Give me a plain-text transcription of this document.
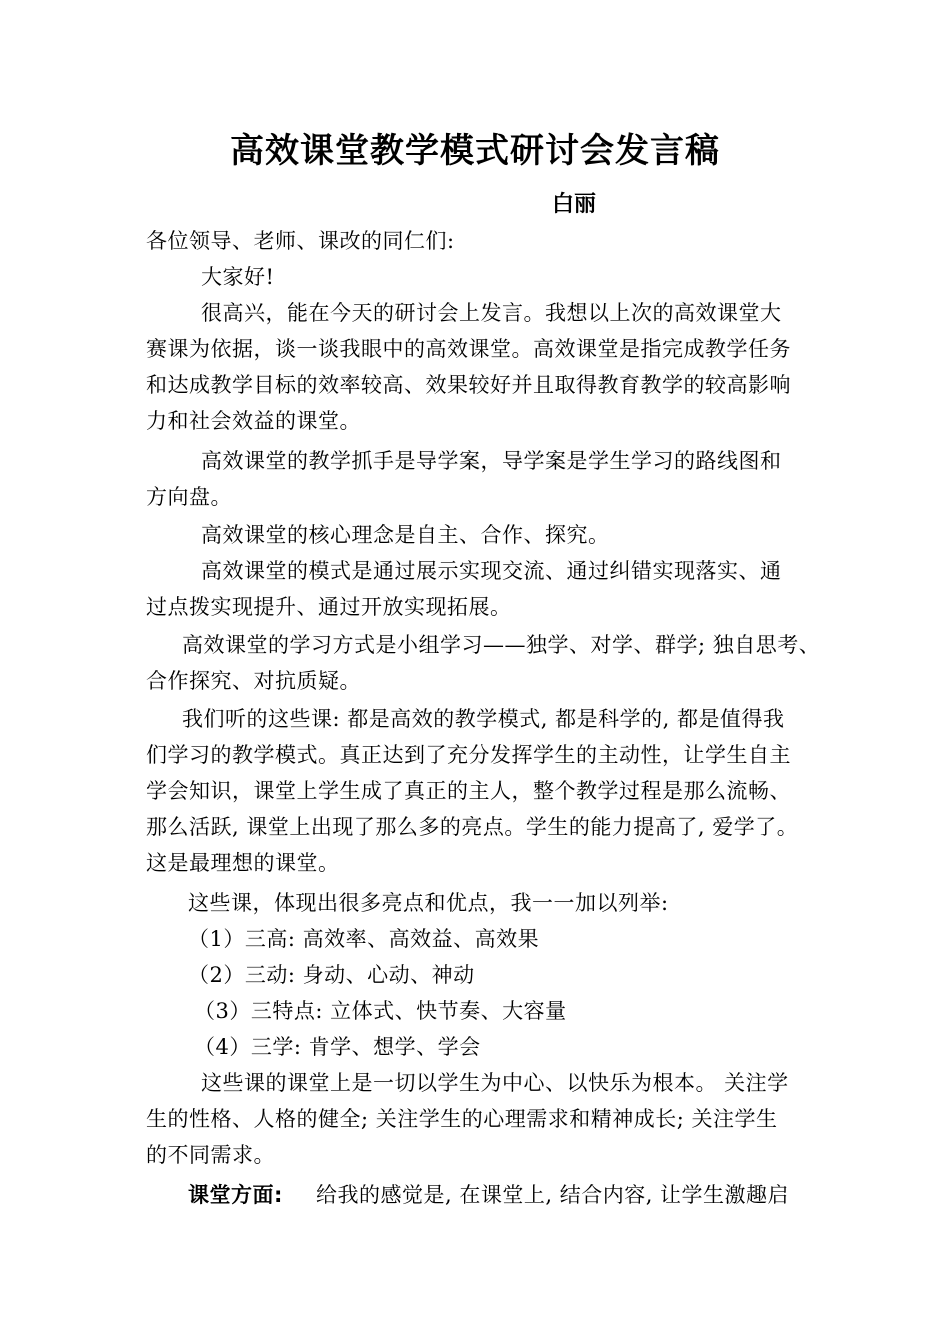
高效课堂教学模式研讨会发言稿
白丽
各位领导、老师、课改的同仁们:
大家好!
很高兴，能在今天的研讨会上发言。我想以上次的高效课堂大
赛课为依据，谈一谈我眼中的高效课堂。高效课堂是指完成教学任务
和达成教学目标的效率较高、效果较好并且取得教育教学的较高影响
力和社会效益的课堂。
高效课堂的教学抓手是导学案，导学案是学生学习的路线图和
方向盘。
高效课堂的核心理念是自主、合作、探究。
高效课堂的模式是通过展示实现交流、通过纠错实现落实、通
过点拨实现提升、通过开放实现拓展。
高效课堂的学习方式是小组学习——独学、对学、群学; 独自思考、
合作探究、对抗质疑。
我们听的这些课: 都是高效的教学模式, 都是科学的, 都是值得我
们学习的教学模式。真正达到了充分发挥学生的主动性，让学生自主
学会知识，课堂上学生成了真正的主人，整个教学过程是那么流畅、
那么活跃, 课堂上出现了那么多的亮点。学生的能力提高了, 爱学了。
这是最理想的课堂。
这些课，体现出很多亮点和优点，我一一加以列举:
（1）三高: 高效率、高效益、高效果
（2）三动: 身动、心动、神动
（3）三特点: 立体式、快节奏、大容量
（4）三学: 肯学、想学、学会
这些课的课堂上是一切以学生为中心、以快乐为根本。 关注学
生的性格、人格的健全; 关注学生的心理需求和精神成长; 关注学生
的不同需求。
课堂方面: 给我的感觉是, 在课堂上, 结合内容, 让学生激趣启
